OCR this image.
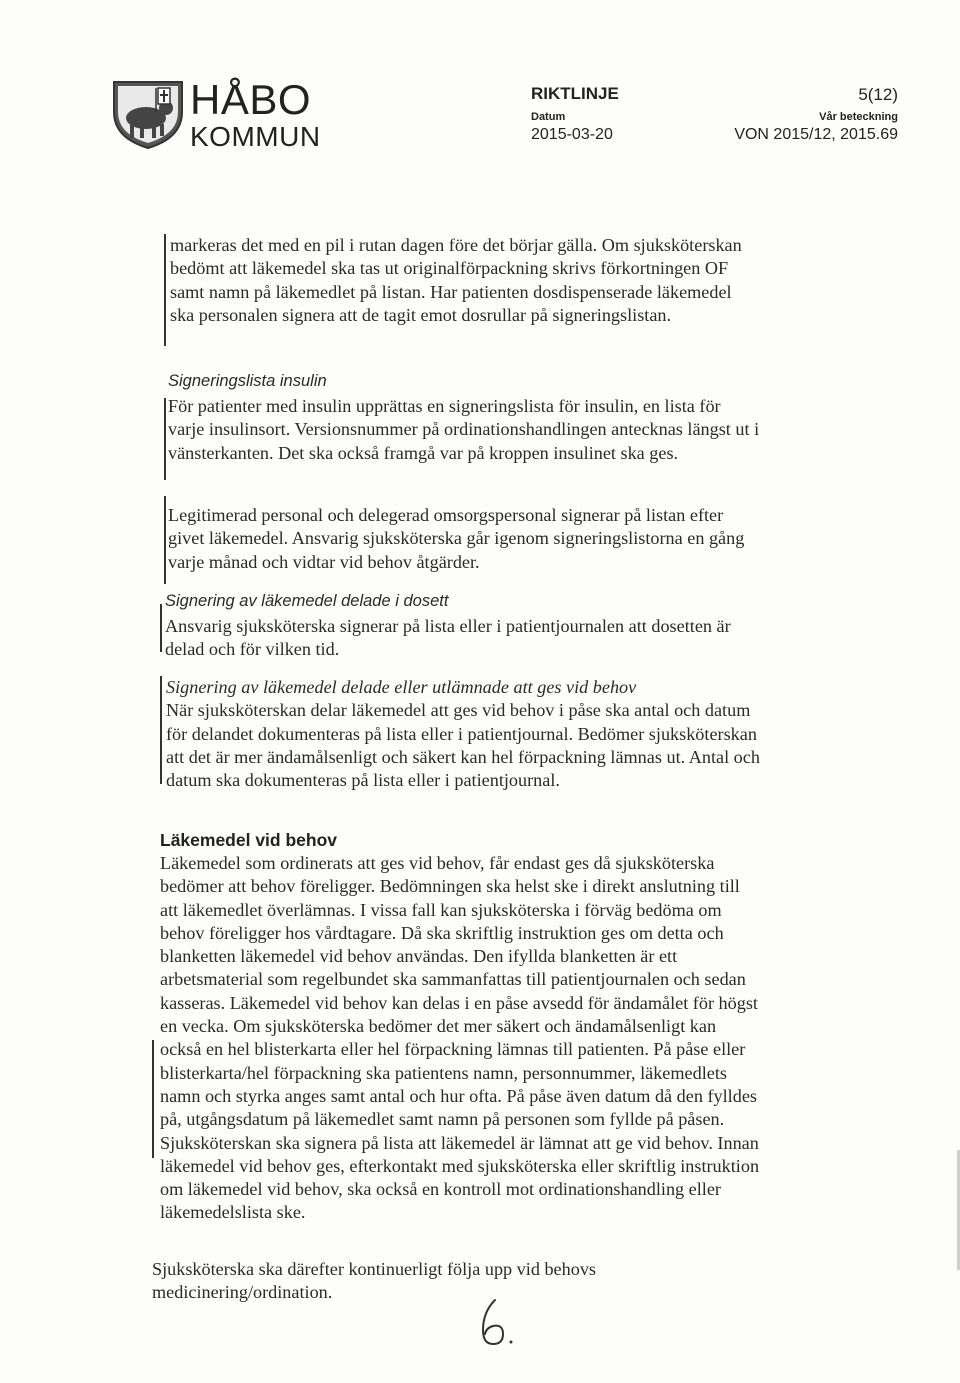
HÅBO
KOMMUN
RIKTLINJE	5(12)
Datum
2015-03-20
Vår beteckning
VON 2015/12, 2015.69

markeras det med en pil i rutan dagen före det börjar gälla. Om sjuksköterskan bedömt att läkemedel ska tas ut originalförpackning skrivs förkortningen OF samt namn på läkemedlet på listan. Har patienten dosdispenserade läkemedel ska personalen signera att de tagit emot dosrullar på signeringslistan.

Signeringslista insulin

För patienter med insulin upprättas en signeringslista för insulin, en lista för varje insulinsort. Versionsnummer på ordinationshandlingen antecknas längst ut i vänsterkanten. Det ska också framgå var på kroppen insulinet ska ges.

Legitimerad personal och delegerad omsorgspersonal signerar på listan efter givet läkemedel. Ansvarig sjuksköterska går igenom signeringslistorna en gång varje månad och vidtar vid behov åtgärder.

Signering av läkemedel delade i dosett

Ansvarig sjuksköterska signerar på lista eller i patientjournalen att dosetten är delad och för vilken tid.

Signering av läkemedel delade eller utlämnade att ges vid behov

När sjuksköterskan delar läkemedel att ges vid behov i påse ska antal och datum för delandet dokumenteras på lista eller i patientjournal. Bedömer sjuksköterskan att det är mer ändamålsenligt och säkert kan hel förpackning lämnas ut. Antal och datum ska dokumenteras på lista eller i patientjournal.

Läkemedel vid behov

Läkemedel som ordinerats att ges vid behov, får endast ges då sjuksköterska bedömer att behov föreligger. Bedömningen ska helst ske i direkt anslutning till att läkemedlet överlämnas. I vissa fall kan sjuksköterska i förväg bedöma om behov föreligger hos vårdtagare. Då ska skriftlig instruktion ges om detta och blanketten läkemedel vid behov användas. Den ifyllda blanketten är ett arbetsmaterial som regelbundet ska sammanfattas till patientjournalen och sedan kasseras. Läkemedel vid behov kan delas i en påse avsedd för ändamålet för högst en vecka. Om sjuksköterska bedömer det mer säkert och ändamålsenligt kan också en hel blisterkarta eller hel förpackning lämnas till patienten. På påse eller blisterkarta/hel förpackning ska patientens namn, personnummer, läkemedlets namn och styrka anges samt antal och hur ofta. På påse även datum då den fylldes på, utgångsdatum på läkemedlet samt namn på personen som fyllde på påsen. Sjuksköterskan ska signera på lista att läkemedel är lämnat att ge vid behov. Innan läkemedel vid behov ges, efterkontakt med sjuksköterska eller skriftlig instruktion om läkemedel vid behov, ska också en kontroll mot ordinationshandling eller läkemedelslista ske.

Sjuksköterska ska därefter kontinuerligt följa upp vid behovs medicinering/ordination.
